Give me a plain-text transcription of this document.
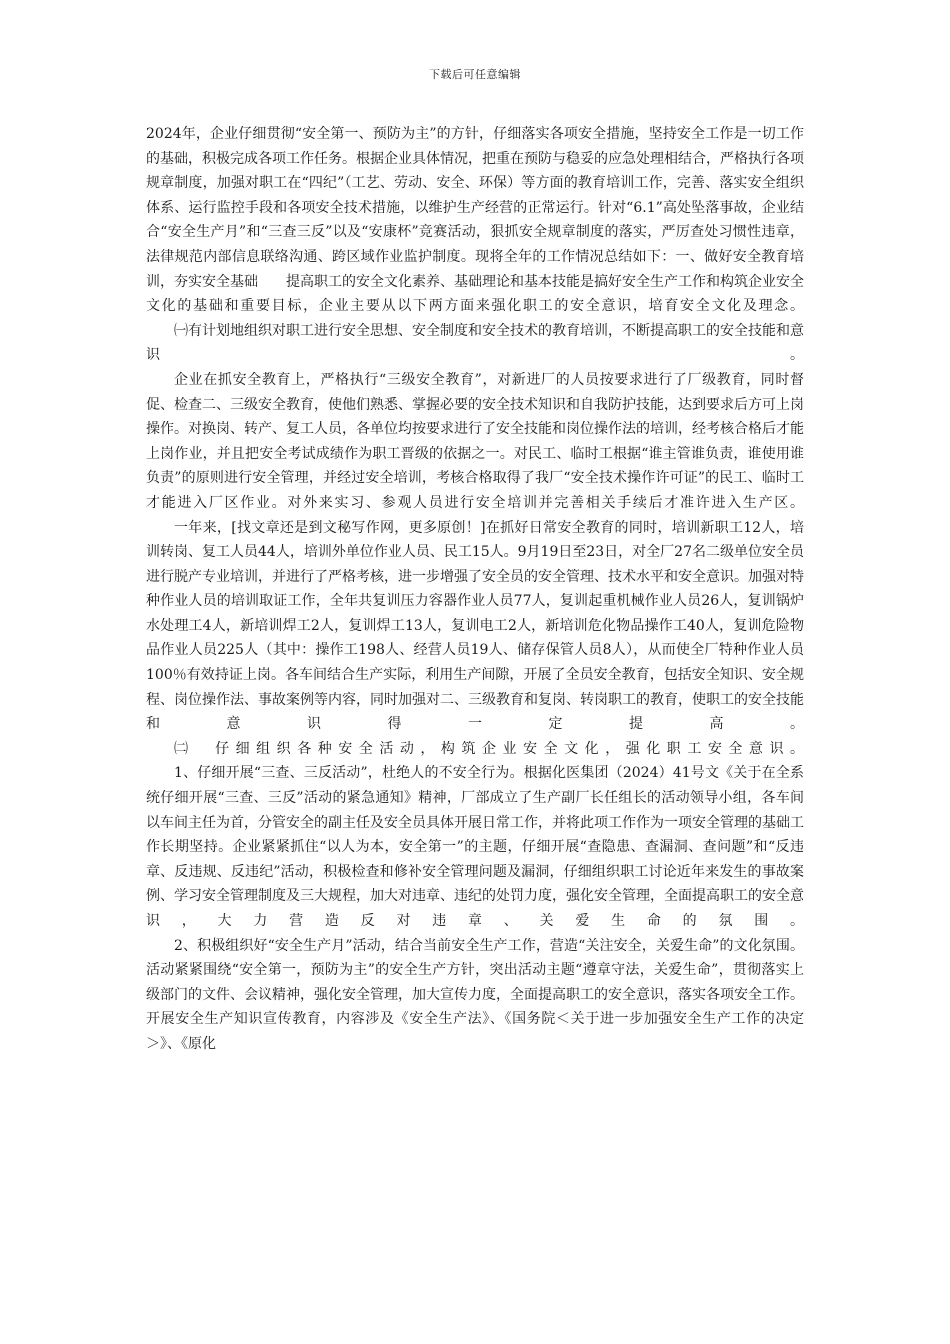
下载后可任意编辑

2024年，企业仔细贯彻“安全第一、预防为主”的方针，仔细落实各项安全措施，坚持安全工作是一切工作的基础，积极完成各项工作任务。根据企业具体情况，把重在预防与稳妥的应急处理相结合，严格执行各项规章制度，加强对职工在“四纪”（工艺、劳动、安全、环保）等方面的教育培训工作，完善、落实安全组织体系、运行监控手段和各项安全技术措施，以维护生产经营的正常运行。针对“6.1”高处坠落事故，企业结合“安全生产月”和“三查三反”以及“安康杯”竞赛活动，狠抓安全规章制度的落实，严厉查处习惯性违章，法律规范内部信息联络沟通、跨区域作业监护制度。现将全年的工作情况总结如下：一、做好安全教育培训，夯实安全基础　　提高职工的安全文化素养、基础理论和基本技能是搞好安全生产工作和构筑企业安全文化的基础和重要目标，企业主要从以下两方面来强化职工的安全意识，培育安全文化及理念。

㈠有计划地组织对职工进行安全思想、安全制度和安全技术的教育培训，不断提高职工的安全技能和意识。

企业在抓安全教育上，严格执行“三级安全教育”，对新进厂的人员按要求进行了厂级教育，同时督促、检查二、三级安全教育，使他们熟悉、掌握必要的安全技术知识和自我防护技能，达到要求后方可上岗操作。对换岗、转产、复工人员，各单位均按要求进行了安全技能和岗位操作法的培训，经考核合格后才能上岗作业，并且把安全考试成绩作为职工晋级的依据之一。对民工、临时工根据“谁主管谁负责，谁使用谁负责”的原则进行安全管理，并经过安全培训，考核合格取得了我厂“安全技术操作许可证”的民工、临时工才能进入厂区作业。对外来实习、参观人员进行安全培训并完善相关手续后才准许进入生产区。

一年来，[找文章还是到文秘写作网，更多原创！]在抓好日常安全教育的同时，培训新职工12人，培训转岗、复工人员44人，培训外单位作业人员、民工15人。9月19日至23日，对全厂27名二级单位安全员进行脱产专业培训，并进行了严格考核，进一步增强了安全员的安全管理、技术水平和安全意识。加强对特种作业人员的培训取证工作，全年共复训压力容器作业人员77人，复训起重机械作业人员26人，复训锅炉水处理工4人，新培训焊工2人，复训焊工13人，复训电工2人，新培训危化物品操作工40人，复训危险物品作业人员225人（其中：操作工198人、经营人员19人、储存保管人员8人），从而使全厂特种作业人员100％有效持证上岗。各车间结合生产实际，利用生产间隙，开展了全员安全教育，包括安全知识、安全规程、岗位操作法、事故案例等内容，同时加强对二、三级教育和复岗、转岗职工的教育，使职工的安全技能和意识得一定提高。

㈡　仔细组织各种安全活动，构筑企业安全文化，强化职工安全意识。

1、仔细开展“三查、三反活动”，杜绝人的不安全行为。根据化医集团（2024）41号文《关于在全系统仔细开展“三查、三反”活动的紧急通知》精神，厂部成立了生产副厂长任组长的活动领导小组，各车间以车间主任为首，分管安全的副主任及安全员具体开展日常工作，并将此项工作作为一项安全管理的基础工作长期坚持。企业紧紧抓住“以人为本，安全第一”的主题，仔细开展“查隐患、查漏洞、查问题”和“反违章、反违规、反违纪”活动，积极检查和修补安全管理问题及漏洞，仔细组织职工讨论近年来发生的事故案例、学习安全管理制度及三大规程，加大对违章、违纪的处罚力度，强化安全管理，全面提高职工的安全意识，大力营造反对违章、关爱生命的氛围。

2、积极组织好“安全生产月”活动，结合当前安全生产工作，营造“关注安全，关爱生命”的文化氛围。活动紧紧围绕“安全第一，预防为主”的安全生产方针，突出活动主题“遵章守法，关爱生命”，贯彻落实上级部门的文件、会议精神，强化安全管理，加大宣传力度，全面提高职工的安全意识，落实各项安全工作。开展安全生产知识宣传教育，内容涉及《安全生产法》、《国务院＜关于进一步加强安全生产工作的决定＞》、《原化
